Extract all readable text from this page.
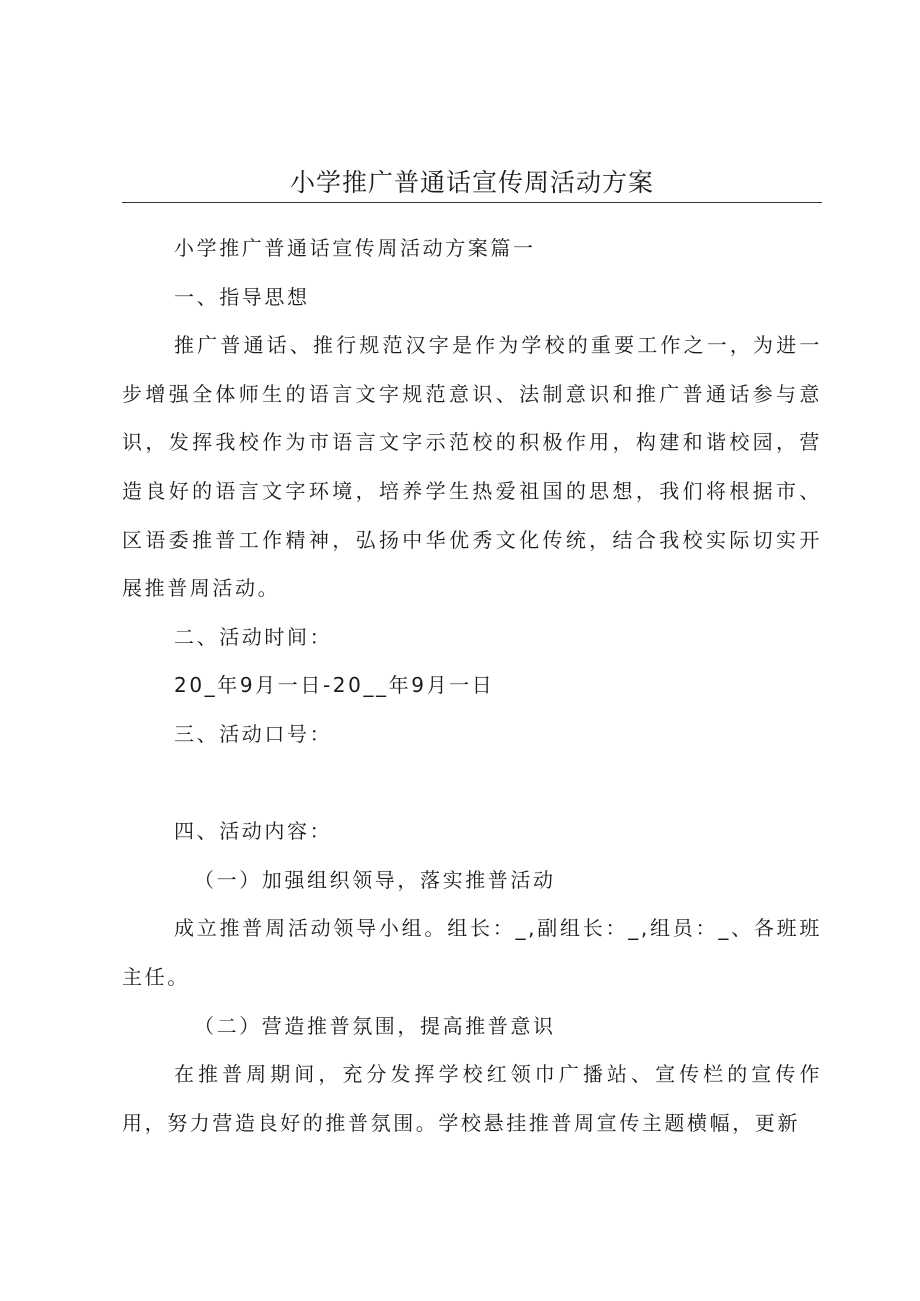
小学推广普通话宣传周活动方案

小学推广普通话宣传周活动方案篇一

一、指导思想

推广普通话、推行规范汉字是作为学校的重要工作之一，为进一步增强全体师生的语言文字规范意识、法制意识和推广普通话参与意识，发挥我校作为市语言文字示范校的积极作用，构建和谐校园，营造良好的语言文字环境，培养学生热爱祖国的思想，我们将根据市、区语委推普工作精神，弘扬中华优秀文化传统，结合我校实际切实开展推普周活动。

二、活动时间：

20_年9月一日-20__年9月一日

三、活动口号：

四、活动内容：

（一）加强组织领导，落实推普活动

成立推普周活动领导小组。组长：_,副组长：_,组员：_、各班班主任。

（二）营造推普氛围，提高推普意识

在推普周期间，充分发挥学校红领巾广播站、宣传栏的宣传作用，努力营造良好的推普氛围。学校悬挂推普周宣传主题横幅，更新
